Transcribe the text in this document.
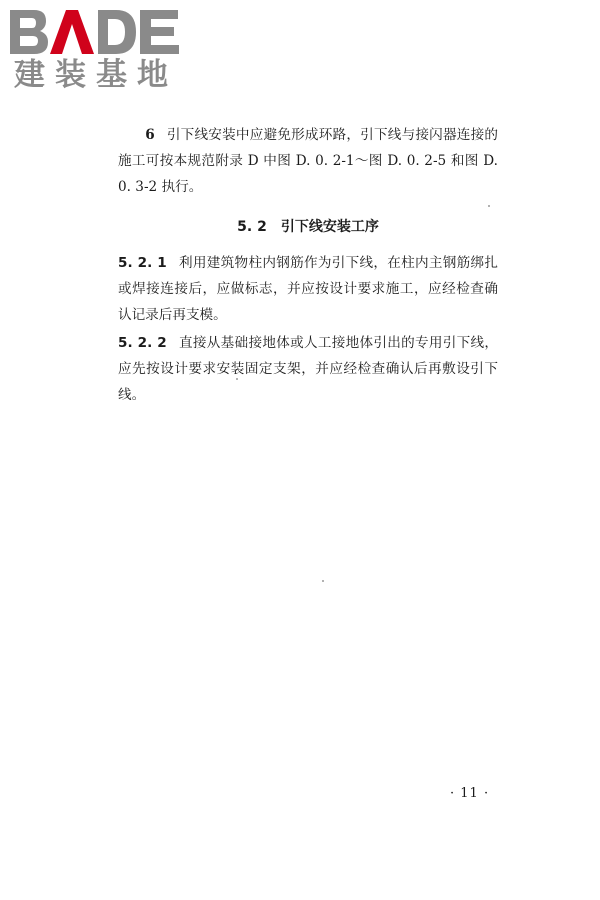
建装基地

6 引下线安装中应避免形成环路，引下线与接闪器连接的施工可按本规范附录 D 中图 D. 0. 2-1～图 D. 0. 2-5 和图 D. 0. 3-2 执行。

5. 2 引下线安装工序

5. 2. 1 利用建筑物柱内钢筋作为引下线，在柱内主钢筋绑扎或焊接连接后，应做标志，并应按设计要求施工，应经检查确认记录后再支模。

5. 2. 2 直接从基础接地体或人工接地体引出的专用引下线，应先按设计要求安装固定支架，并应经检查确认后再敷设引下线。

· 11 ·
